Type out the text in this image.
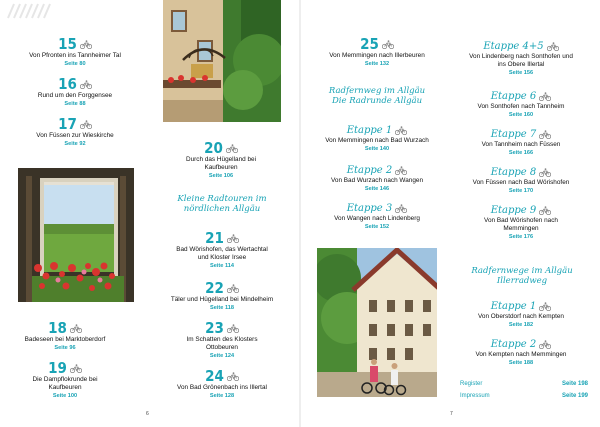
15
Von Pfronten ins Tannheimer Tal
Seite 80
16
Rund um den Forggensee
Seite 88
17
Von Füssen zur Wieskirche
Seite 92
18
Badeseen bei Marktoberdorf
Seite 96
19
Die Dampflokrunde bei Kaufbeuren
Seite 100
20
Durch das Hügelland bei Kaufbeuren
Seite 106
Kleine Radtouren im nördlichen Allgäu
21
Bad Wörishofen, das Wertachtal und Kloster Irsee
Seite 114
22
Täler und Hügelland bei Mindelheim
Seite 118
23
Im Schatten des Klosters Ottobeuren
Seite 124
24
Von Bad Grönenbach ins Illertal
Seite 128
6
25
Von Memmingen nach Illerbeuren
Seite 132
Radfernweg im Allgäu Die Radrunde Allgäu
Etappe 1
Von Memmingen nach Bad Wurzach
Seite 140
Etappe 2
Von Bad Wurzach nach Wangen
Seite 146
Etappe 3
Von Wangen nach Lindenberg
Seite 152
7
Etappe 4+5
Von Lindenberg nach Sonthofen und ins Obere Illertal
Seite 156
Etappe 6
Von Sonthofen nach Tannheim
Seite 160
Etappe 7
Von Tannheim nach Füssen
Seite 166
Etappe 8
Von Füssen nach Bad Wörishofen
Seite 170
Etappe 9
Von Bad Wörishofen nach Memmingen
Seite 176
Radfernwege im Allgäu Illerradweg
Etappe 1
Von Oberstdorf nach Kempten
Seite 182
Etappe 2
Von Kempten nach Memmingen
Seite 188
Register	Seite 198
Impressum	Seite 199
